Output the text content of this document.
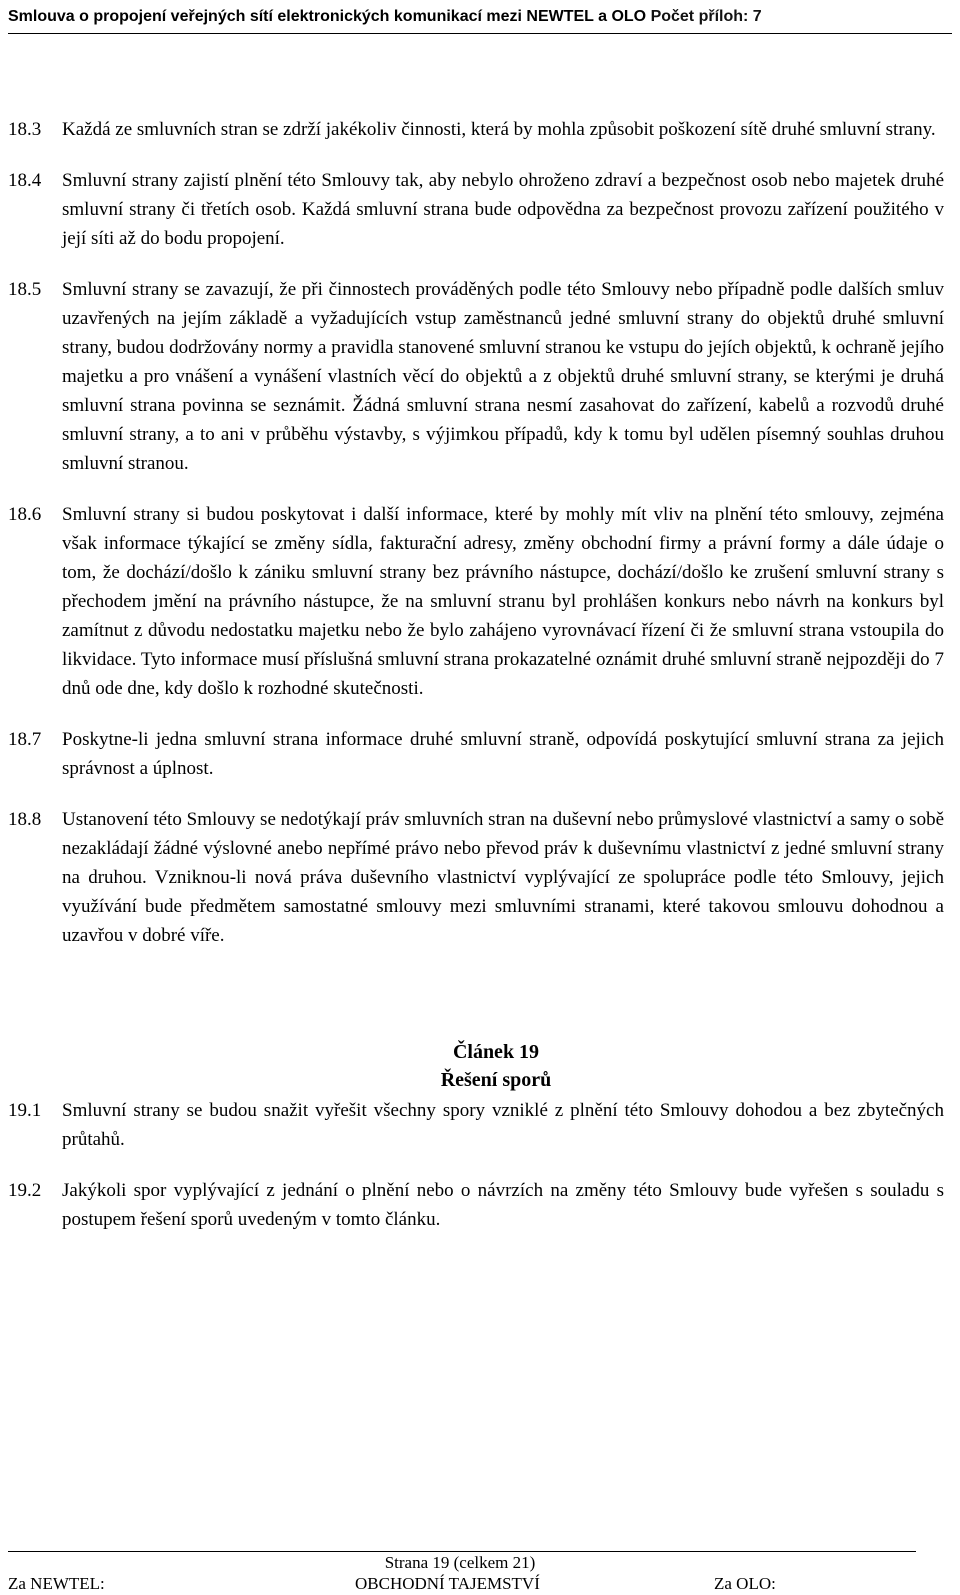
Smlouva o propojení veřejných sítí elektronických komunikací mezi NEWTEL a OLO Počet příloh: 7
18.3	Každá ze smluvních stran se zdrží jakékoliv činnosti, která by mohla způsobit poškození sítě druhé smluvní strany.
18.4	Smluvní strany zajistí plnění této Smlouvy tak, aby nebylo ohroženo zdraví a bezpečnost osob nebo majetek druhé smluvní strany či třetích osob. Každá smluvní strana bude odpovědna za bezpečnost provozu zařízení použitého v její síti až do bodu propojení.
18.5	Smluvní strany se zavazují, že při činnostech prováděných podle této Smlouvy nebo případně podle dalších smluv uzavřených na jejím základě a vyžadujících vstup zaměstnanců jedné smluvní strany do objektů druhé smluvní strany, budou dodržovány normy a pravidla stanovené smluvní stranou ke vstupu do jejích objektů, k ochraně jejího majetku a pro vnášení a vynášení vlastních věcí do objektů a z objektů druhé smluvní strany, se kterými je druhá smluvní strana povinna se seznámit. Žádná smluvní strana nesmí zasahovat do zařízení, kabelů a rozvodů druhé smluvní strany, a to ani v průběhu výstavby, s výjimkou případů, kdy k tomu byl udělen písemný souhlas druhou smluvní stranou.
18.6	Smluvní strany si budou poskytovat i další informace, které by mohly mít vliv na plnění této smlouvy, zejména však informace týkající se změny sídla, fakturační adresy, změny obchodní firmy a právní formy a dále údaje o tom, že dochází/došlo k zániku smluvní strany bez právního nástupce, dochází/došlo ke zrušení smluvní strany s přechodem jmění na právního nástupce, že na smluvní stranu byl prohlášen konkurs nebo návrh na konkurs byl zamítnut z důvodu nedostatku majetku nebo že bylo zahájeno vyrovnávací řízení či že smluvní strana vstoupila do likvidace. Tyto informace musí příslušná smluvní strana prokazatelné oznámit druhé smluvní straně nejpozději do 7 dnů ode dne, kdy došlo k rozhodné skutečnosti.
18.7	Poskytne-li jedna smluvní strana informace druhé smluvní straně, odpovídá poskytující smluvní strana za jejich správnost a úplnost.
18.8	Ustanovení této Smlouvy se nedotýkají práv smluvních stran na duševní nebo průmyslové vlastnictví a samy o sobě nezakládají žádné výslovné anebo nepřímé právo nebo převod práv k duševnímu vlastnictví z jedné smluvní strany na druhou. Vzniknou-li nová práva duševního vlastnictví vyplývající ze spolupráce podle této Smlouvy, jejich využívání bude předmětem samostatné smlouvy mezi smluvními stranami, které takovou smlouvu dohodnou a uzavřou v dobré víře.
Článek 19
Řešení sporů
19.1	Smluvní strany se budou snažit vyřešit všechny spory vzniklé z plnění této Smlouvy dohodou a bez zbytečných průtahů.
19.2	Jakýkoli spor vyplývající z jednání o plnění nebo o návrzích na změny této Smlouvy bude vyřešen s souladu s postupem řešení sporů uvedeným v tomto článku.
Strana 19 (celkem 21)
Za NEWTEL:	OBCHODNÍ TAJEMSTVÍ	Za OLO:
